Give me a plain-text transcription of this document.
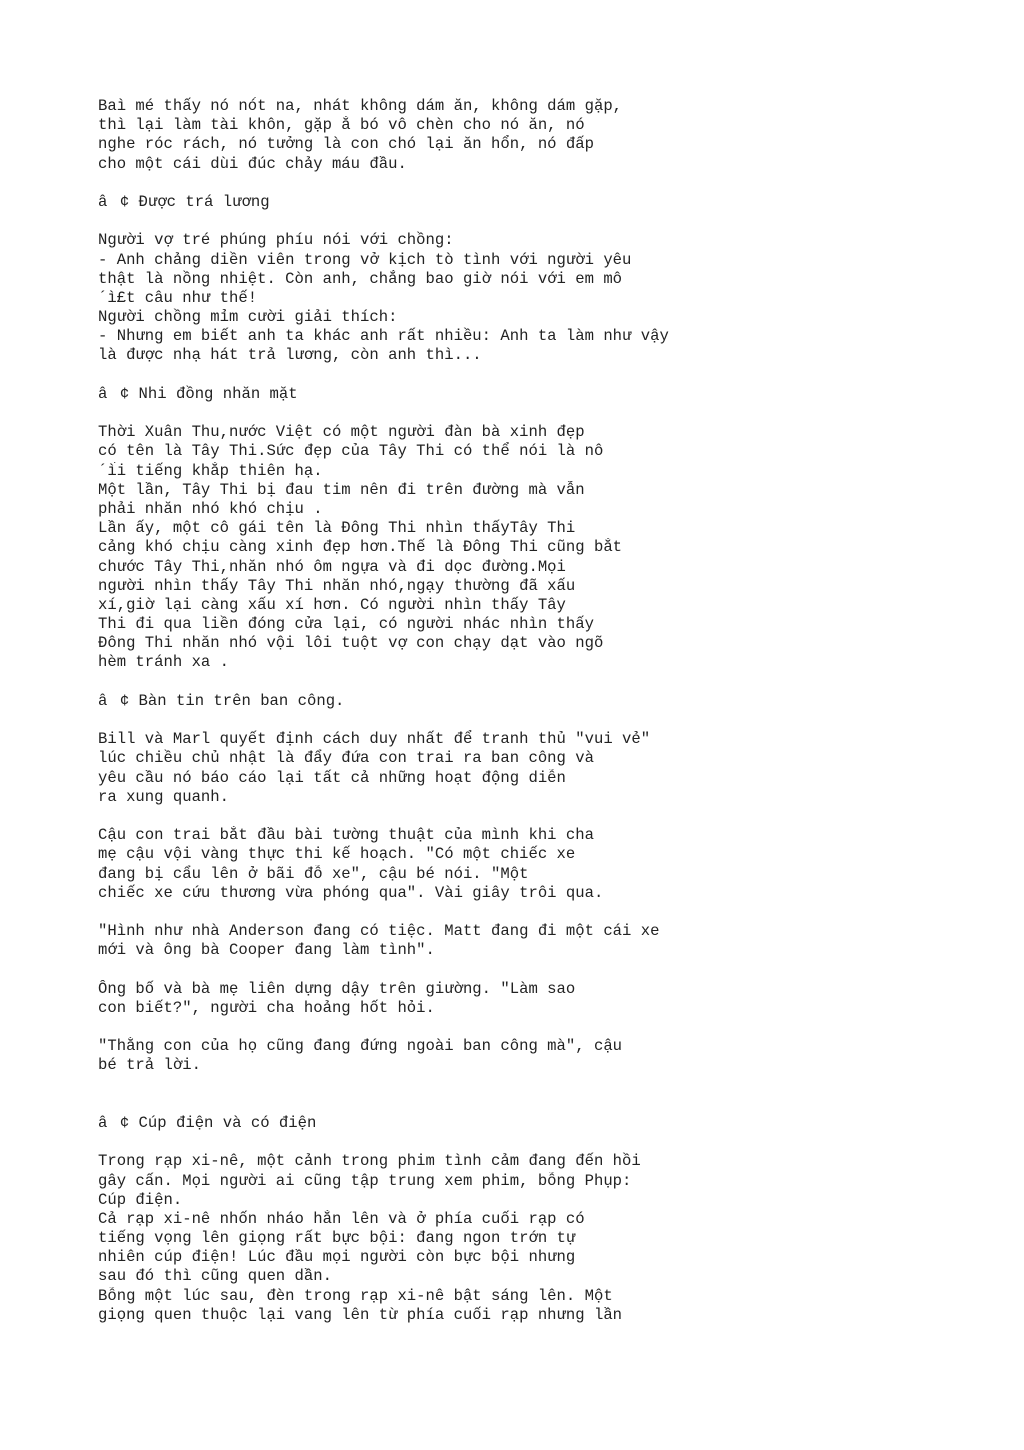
Baì mé thấy nó nó́t na, nhát không dám ăn, không dám gặp,
thì lại làm tài khôn, gặp ắ bó vô chèn cho nó ăn, nó
nghe róc rách, nó tưởng là con chó lại ăn hổn, nó đấp
cho một cái dùi đúc chảy máu đầu.
â¢ Được trá lương
Người vợ tré phúng phíu nói với chồng:
- Anh chảng diền viên trong vở kịch tò tình với người yêu
thật là nồng nhiệt. Còn anh, chẳng bao giờ nói với em mô
´ì£t câu như thế!
Người chồng mỉm cười giải thích:
- Nhưng em biết anh ta khác anh rất nhiều: Anh ta làm như vậy
là được nhạ hát trả lương, còn anh thì...
â¢ Nhi đồng nhăn mặt
Thời Xuân Thu,nước Việt có một người đàn bà xinh đẹp
có tên là Tây Thi.Sức đẹp của Tây Thi có thể nói là nô
´ì́i tiếng khắp thiên hạ.
Một lần, Tây Thi bị đau tim nên đi trên đường mà vẫn
phải nhăn nhó khó chịu .
Lần ấy, một cô gái tên là Đông Thi nhìn thấyTây Thi
cảng khó chịu càng xinh đẹp hơn.Thế là Đông Thi cũng bắt
chước Tây Thi,nhăn nhó ôm ngựa và đi dọc đường.Mọi
người nhìn thấy Tây Thi nhăn nhó,ngạy thường đã xấu
xí,giờ lại càng xấu xí hơn. Có người nhìn thấy Tây
Thi đi qua liền đóng cửa lại, có người nhác nhìn thấy
Đông Thi nhăn nhó vội lôi tuột vợ con chạy dạt vào ngõ
hèm tránh xa .
â¢ Bàn tin trên ban công.
Bill và Marl quyết định cách duy nhất để tranh thủ "vui vẻ"
lúc chiều chủ nhật là đẩy đứa con trai ra ban công và
yêu cầu nó báo cáo lại tất cả những hoạt động diễn
ra xung quanh.
Cậu con trai bắt đầu bài tường thuật của mình khi cha
mẹ cậu vội vàng thực thi kế hoạch. "Có một chiếc xe
đang bị cẩu lên ở bãi đỗ xe", cậu bé nói. "Một
chiếc xe cứu thương vừa phóng qua". Vài giây trôi qua.
"Hình như nhà Anderson đang có tiệc. Matt đang đi một cái xe
mới và ông bà Cooper đang làm tình".
Ông bố và bà mẹ liên dựng dậy trên giường. "Làm sao
con biết?", người cha hoảng hốt hỏi.
"Thằng con của họ cũng đang đứng ngoài ban công mà", cậu
bé trả lời.
â¢ Cúp điện và có điện
Trong rạp xi-nê, một cảnh trong phim tình cảm đang đến hồi
gây cấn. Mọi người ai cũng tập trung xem phim, bỗng Phụp:
Cúp điện.
Cả rạp xi-nê nhốn nháo hắn lên và ở phía cuối rạp có
tiếng vọng lên giọng rất bực bội: đang ngon trớn tự
nhiên cúp điện! Lúc đầu mọi người còn bực bội nhưng
sau đó thì cũng quen dần.
Bỗng một lúc sau, đèn trong rạp xi-nê bật sáng lên. Một
giọng quen thuộc lại vang lên từ phía cuối rạp nhưng lần
